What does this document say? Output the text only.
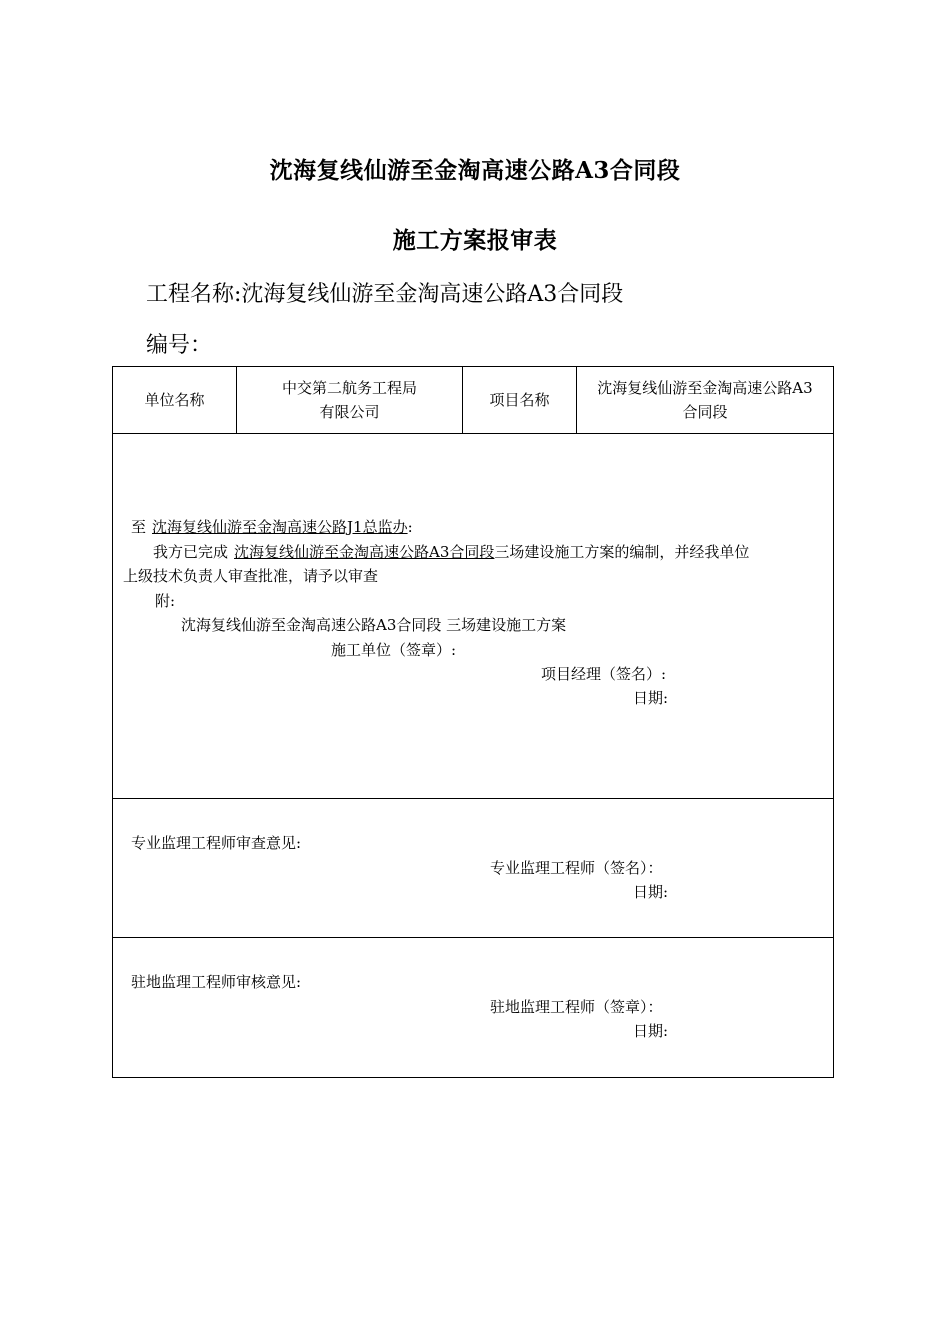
沈海复线仙游至金淘高速公路A3合同段
施工方案报审表
工程名称:沈海复线仙游至金淘高速公路A3合同段
编号：
单位名称
中交第二航务工程局
有限公司
项目名称
沈海复线仙游至金淘高速公路A3
合同段
至 沈海复线仙游至金淘高速公路J1总监办:
我方已完成 沈海复线仙游至金淘高速公路A3合同段三场建设施工方案的编制，并经我单位
上级技术负责人审查批准，请予以审查
附:
沈海复线仙游至金淘高速公路A3合同段 三场建设施工方案
施工单位（签章）:
项目经理（签名）:
日期:
专业监理工程师审查意见:
专业监理工程师（签名）：
日期:
驻地监理工程师审核意见:
驻地监理工程师（签章）：
日期:
